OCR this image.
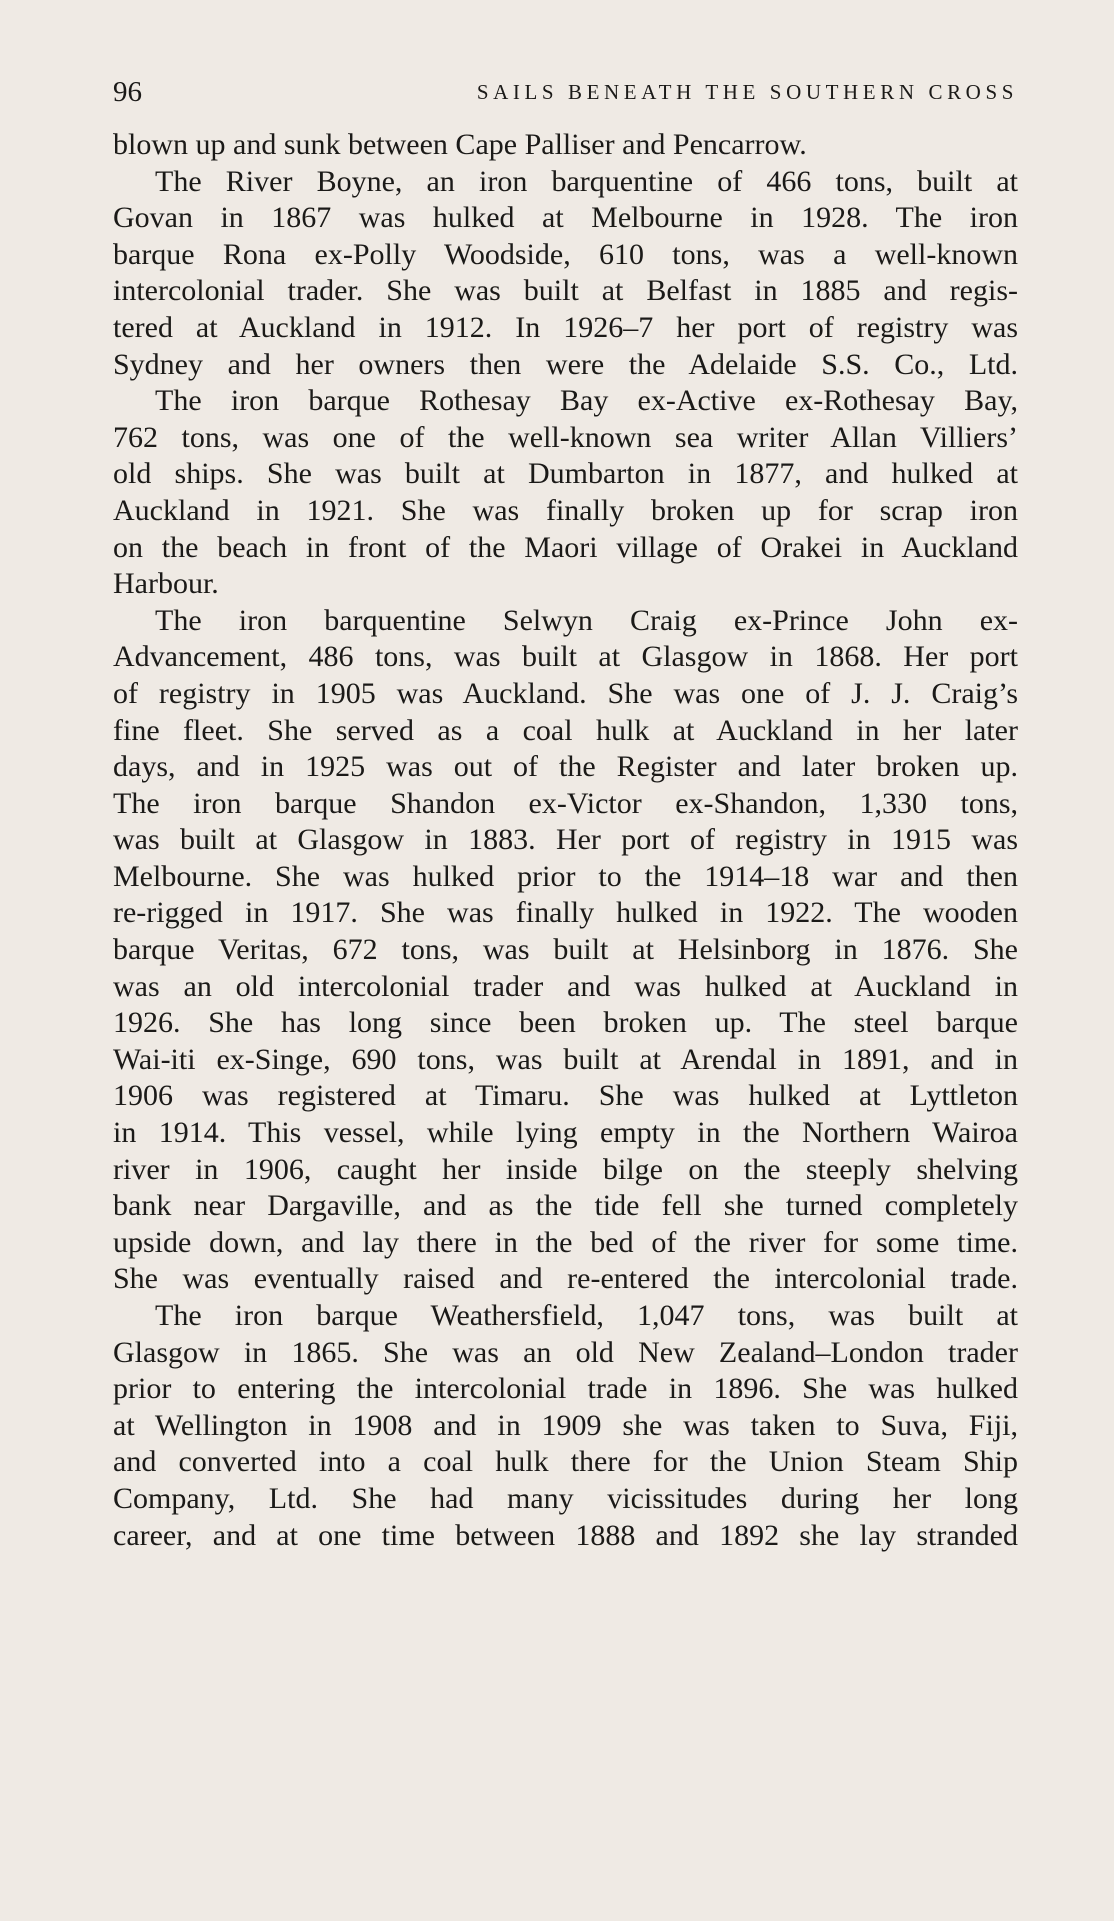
96	SAILS BENEATH THE SOUTHERN CROSS
blown up and sunk between Cape Palliser and Pencarrow.
The River Boyne, an iron barquentine of 466 tons, built at
Govan in 1867 was hulked at Melbourne in 1928. The iron
barque Rona ex-Polly Woodside, 610 tons, was a well-known
intercolonial trader. She was built at Belfast in 1885 and regis-
tered at Auckland in 1912. In 1926–7 her port of registry was
Sydney and her owners then were the Adelaide S.S. Co., Ltd.
The iron barque Rothesay Bay ex-Active ex-Rothesay Bay,
762 tons, was one of the well-known sea writer Allan Villiers’
old ships. She was built at Dumbarton in 1877, and hulked at
Auckland in 1921. She was finally broken up for scrap iron
on the beach in front of the Maori village of Orakei in Auckland
Harbour.
The iron barquentine Selwyn Craig ex-Prince John ex-
Advancement, 486 tons, was built at Glasgow in 1868. Her port
of registry in 1905 was Auckland. She was one of J. J. Craig’s
fine fleet. She served as a coal hulk at Auckland in her later
days, and in 1925 was out of the Register and later broken up.
The iron barque Shandon ex-Victor ex-Shandon, 1,330 tons,
was built at Glasgow in 1883. Her port of registry in 1915 was
Melbourne. She was hulked prior to the 1914–18 war and then
re-rigged in 1917. She was finally hulked in 1922. The wooden
barque Veritas, 672 tons, was built at Helsinborg in 1876. She
was an old intercolonial trader and was hulked at Auckland in
1926. She has long since been broken up. The steel barque
Wai-iti ex-Singe, 690 tons, was built at Arendal in 1891, and in
1906 was registered at Timaru. She was hulked at Lyttleton
in 1914. This vessel, while lying empty in the Northern Wairoa
river in 1906, caught her inside bilge on the steeply shelving
bank near Dargaville, and as the tide fell she turned completely
upside down, and lay there in the bed of the river for some time.
She was eventually raised and re-entered the intercolonial trade.
The iron barque Weathersfield, 1,047 tons, was built at
Glasgow in 1865. She was an old New Zealand–London trader
prior to entering the intercolonial trade in 1896. She was hulked
at Wellington in 1908 and in 1909 she was taken to Suva, Fiji,
and converted into a coal hulk there for the Union Steam Ship
Company, Ltd. She had many vicissitudes during her long
career, and at one time between 1888 and 1892 she lay stranded
